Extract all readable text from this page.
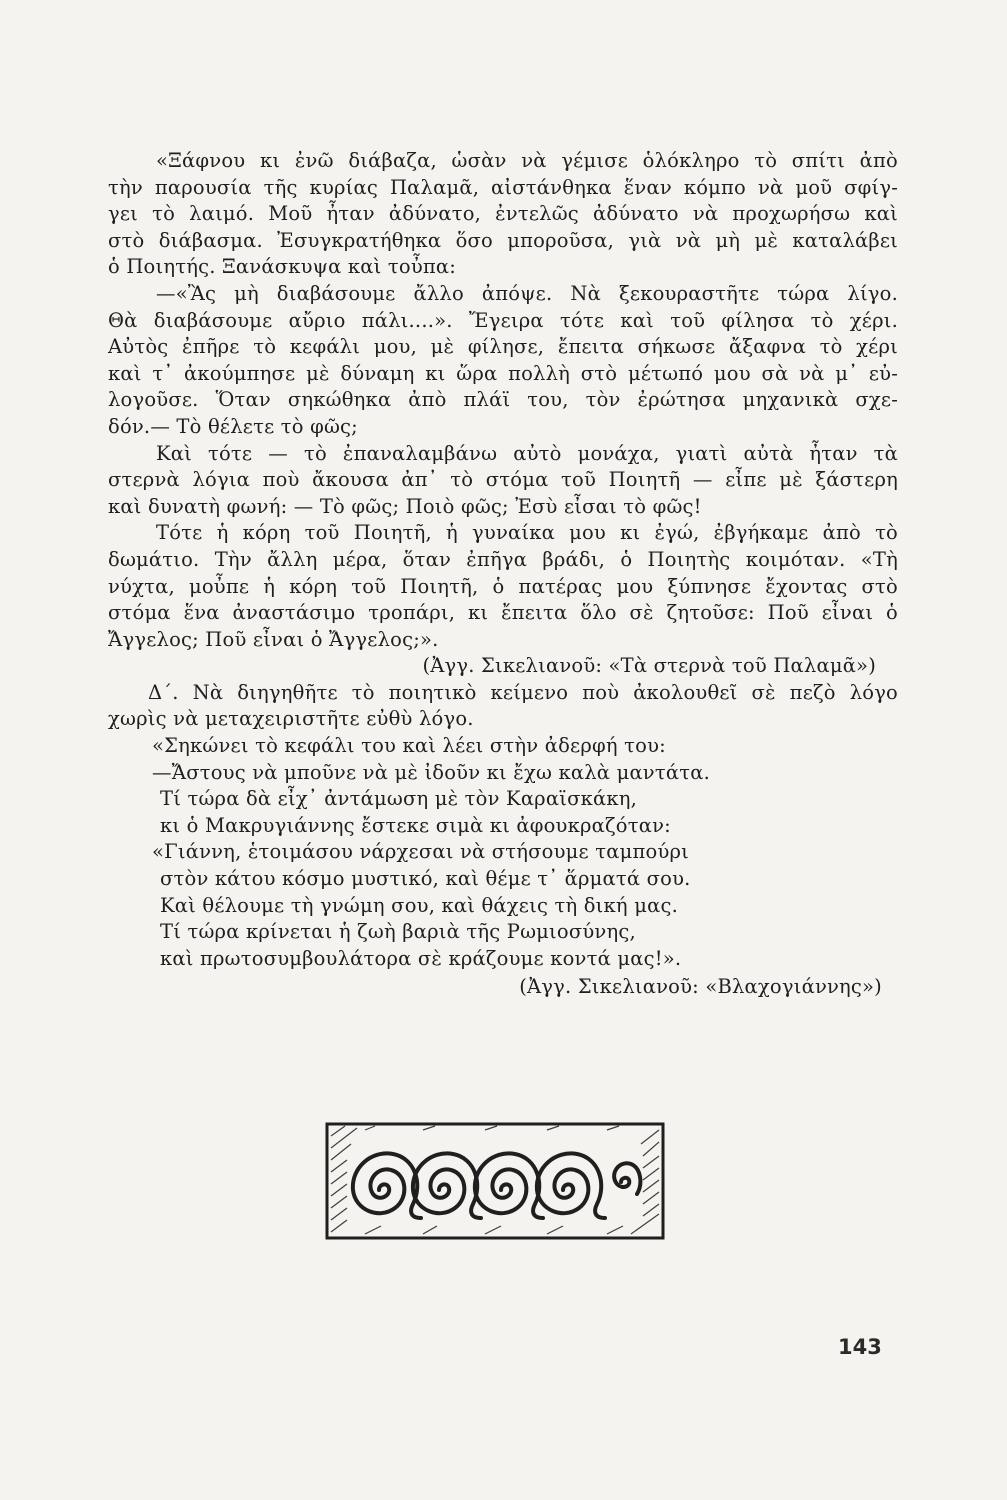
«Ξάφνου κι ἐνῶ διάβαζα, ὡσὰν νὰ γέμισε ὁλόκληρο τὸ σπίτι ἀπὸ
τὴν παρουσία τῆς κυρίας Παλαμᾶ, αἰστάνθηκα ἕναν κόμπο νὰ μοῦ σφίγ-
γει τὸ λαιμό. Μοῦ ἦταν ἀδύνατο, ἐντελῶς ἀδύνατο νὰ προχωρήσω καὶ
στὸ διάβασμα. Ἐσυγκρατήθηκα ὅσο μποροῦσα, γιὰ νὰ μὴ μὲ καταλάβει
ὁ Ποιητής. Ξανάσκυψα καὶ τοὖπα:
—«Ἂς μὴ διαβάσουμε ἄλλο ἀπόψε. Νὰ ξεκουραστῆτε τώρα λίγο.
Θὰ διαβάσουμε αὔριο πάλι....». Ἔγειρα τότε καὶ τοῦ φίλησα τὸ χέρι.
Αὐτὸς ἐπῆρε τὸ κεφάλι μου, μὲ φίλησε, ἔπειτα σήκωσε ἄξαφνα τὸ χέρι
καὶ τ᾽ ἀκούμπησε μὲ δύναμη κι ὥρα πολλὴ στὸ μέτωπό μου σὰ νὰ μ᾽ εὐ-
λογοῦσε. Ὅταν σηκώθηκα ἀπὸ πλάϊ του, τὸν ἐρώτησα μηχανικὰ σχε-
δόν.— Τὸ θέλετε τὸ φῶς;
Καὶ τότε — τὸ ἐπαναλαμβάνω αὐτὸ μονάχα, γιατὶ αὐτὰ ἦταν τὰ
στερνὰ λόγια ποὺ ἄκουσα ἀπ᾽ τὸ στόμα τοῦ Ποιητῆ — εἶπε μὲ ξάστερη
καὶ δυνατὴ φωνή: — Τὸ φῶς; Ποιὸ φῶς; Ἐσὺ εἶσαι τὸ φῶς!
Τότε ἡ κόρη τοῦ Ποιητῆ, ἡ γυναίκα μου κι ἐγώ, ἐβγήκαμε ἀπὸ τὸ
δωμάτιο. Τὴν ἄλλη μέρα, ὅταν ἐπῆγα βράδι, ὁ Ποιητὴς κοιμόταν. «Τὴ
νύχτα, μοὖπε ἡ κόρη τοῦ Ποιητῆ, ὁ πατέρας μου ξύπνησε ἔχοντας στὸ
στόμα ἕνα ἀναστάσιμο τροπάρι, κι ἔπειτα ὅλο σὲ ζητοῦσε: Ποῦ εἶναι ὁ
Ἄγγελος; Ποῦ εἶναι ὁ Ἄγγελος;».
(Ἀγγ. Σικελιανοῦ: «Τὰ στερνὰ τοῦ Παλαμᾶ»)
Δ΄. Νὰ διηγηθῆτε τὸ ποιητικὸ κείμενο ποὺ ἀκολουθεῖ σὲ πεζὸ λόγο
χωρὶς νὰ μεταχειριστῆτε εὐθὺ λόγο.
«Σηκώνει τὸ κεφάλι του καὶ λέει στὴν ἀδερφή του:
—Ἄστους νὰ μποῦνε νὰ μὲ ἰδοῦν κι ἔχω καλὰ μαντάτα.
Τί τώρα δὰ εἶχ᾽ ἀντάμωση μὲ τὸν Καραϊσκάκη,
κι ὁ Μακρυγιάννης ἔστεκε σιμὰ κι ἀφουκραζόταν:
«Γιάννη, ἑτοιμάσου νάρχεσαι νὰ στήσουμε ταμπούρι
στὸν κάτου κόσμο μυστικό, καὶ θέμε τ᾽ ἅρματά σου.
Καὶ θέλουμε τὴ γνώμη σου, καὶ θάχεις τὴ δική μας.
Τί τώρα κρίνεται ἡ ζωὴ βαριὰ τῆς Ρωμιοσύνης,
καὶ πρωτοσυμβουλάτορα σὲ κράζουμε κοντά μας!».
(Ἀγγ. Σικελιανοῦ: «Βλαχογιάννης»)
143
